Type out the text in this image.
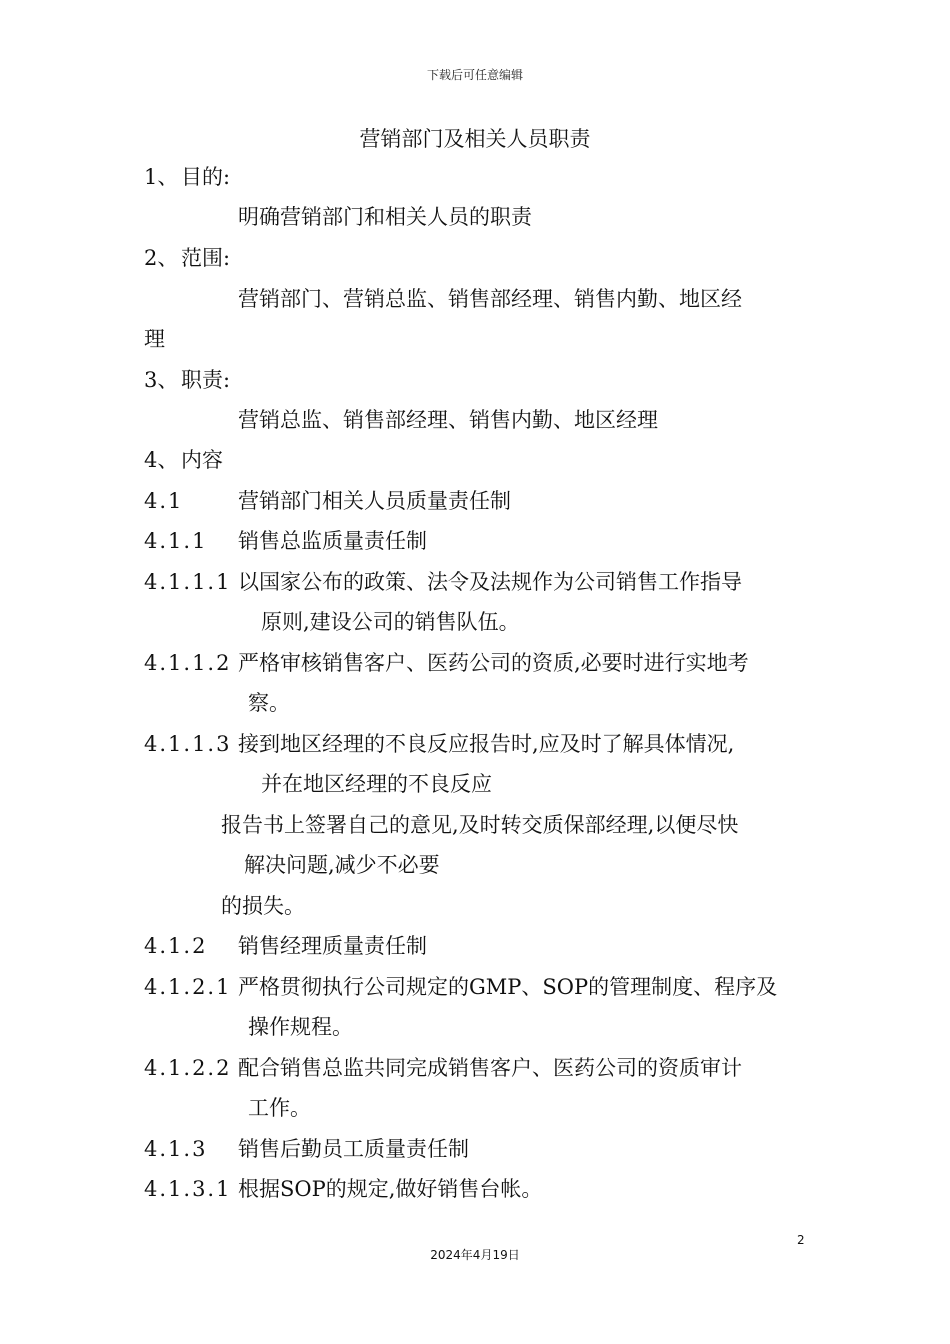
下载后可任意编辑
营销部门及相关人员职责
1、 目的:
明确营销部门和相关人员的职责
2、 范围:
营销部门、营销总监、销售部经理、销售内勤、地区经
理
3、 职责:
营销总监、销售部经理、销售内勤、地区经理
4、 内容
4.1	营销部门相关人员质量责任制
4.1.1 销售总监质量责任制
4.1.1.1 以国家公布的政策、法令及法规作为公司销售工作指导
原则,建设公司的销售队伍。
4.1.1.2 严格审核销售客户、医药公司的资质,必要时进行实地考
察。
4.1.1.3 接到地区经理的不良反应报告时,应及时了解具体情况,
并在地区经理的不良反应
报告书上签署自己的意见,及时转交质保部经理,以便尽快
解决问题,减少不必要
的损失。
4.1.2 销售经理质量责任制
4.1.2.1 严格贯彻执行公司规定的GMP、SOP的管理制度、程序及
操作规程。
4.1.2.2 配合销售总监共同完成销售客户、医药公司的资质审计
工作。
4.1.3 销售后勤员工质量责任制
4.1.3.1 根据SOP的规定,做好销售台帐。
2
2024年4月19日
